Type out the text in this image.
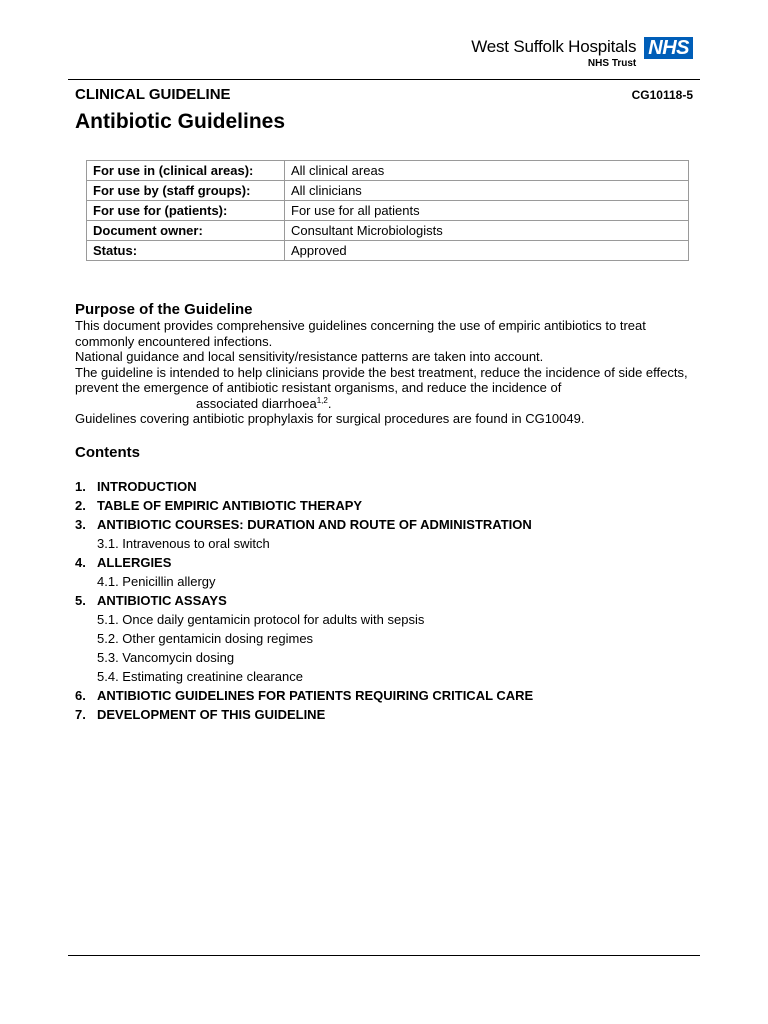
West Suffolk Hospitals
NHS Trust
NHS
CLINICAL GUIDELINE	CG10118-5
Antibiotic Guidelines
For use in (clinical areas):	All clinical areas
For use by (staff groups):	All clinicians
For use for (patients):	For use for all patients
Document owner:	Consultant Microbiologists
Status:	Approved
Purpose of the Guideline

This document provides comprehensive guidelines concerning the use of empiric antibiotics to treat commonly encountered infections.

National guidance and local sensitivity/resistance patterns are taken into account.

The guideline is intended to help clinicians provide the best treatment, reduce the incidence of side effects, prevent the emergence of antibiotic resistant organisms, and reduce the incidence of

associated diarrhoea$^{1,2}$.

Guidelines covering antibiotic prophylaxis for surgical procedures are found in CG10049.

Contents
1. INTRODUCTION
2. TABLE OF EMPIRIC ANTIBIOTIC THERAPY
3. ANTIBIOTIC COURSES: DURATION AND ROUTE OF ADMINISTRATION
3.1. Intravenous to oral switch
4. ALLERGIES
4.1. Penicillin allergy
5. ANTIBIOTIC ASSAYS
5.1. Once daily gentamicin protocol for adults with sepsis
5.2. Other gentamicin dosing regimes
5.3. Vancomycin dosing
5.4. Estimating creatinine clearance
6. ANTIBIOTIC GUIDELINES FOR PATIENTS REQUIRING CRITICAL CARE
7. DEVELOPMENT OF THIS GUIDELINE
